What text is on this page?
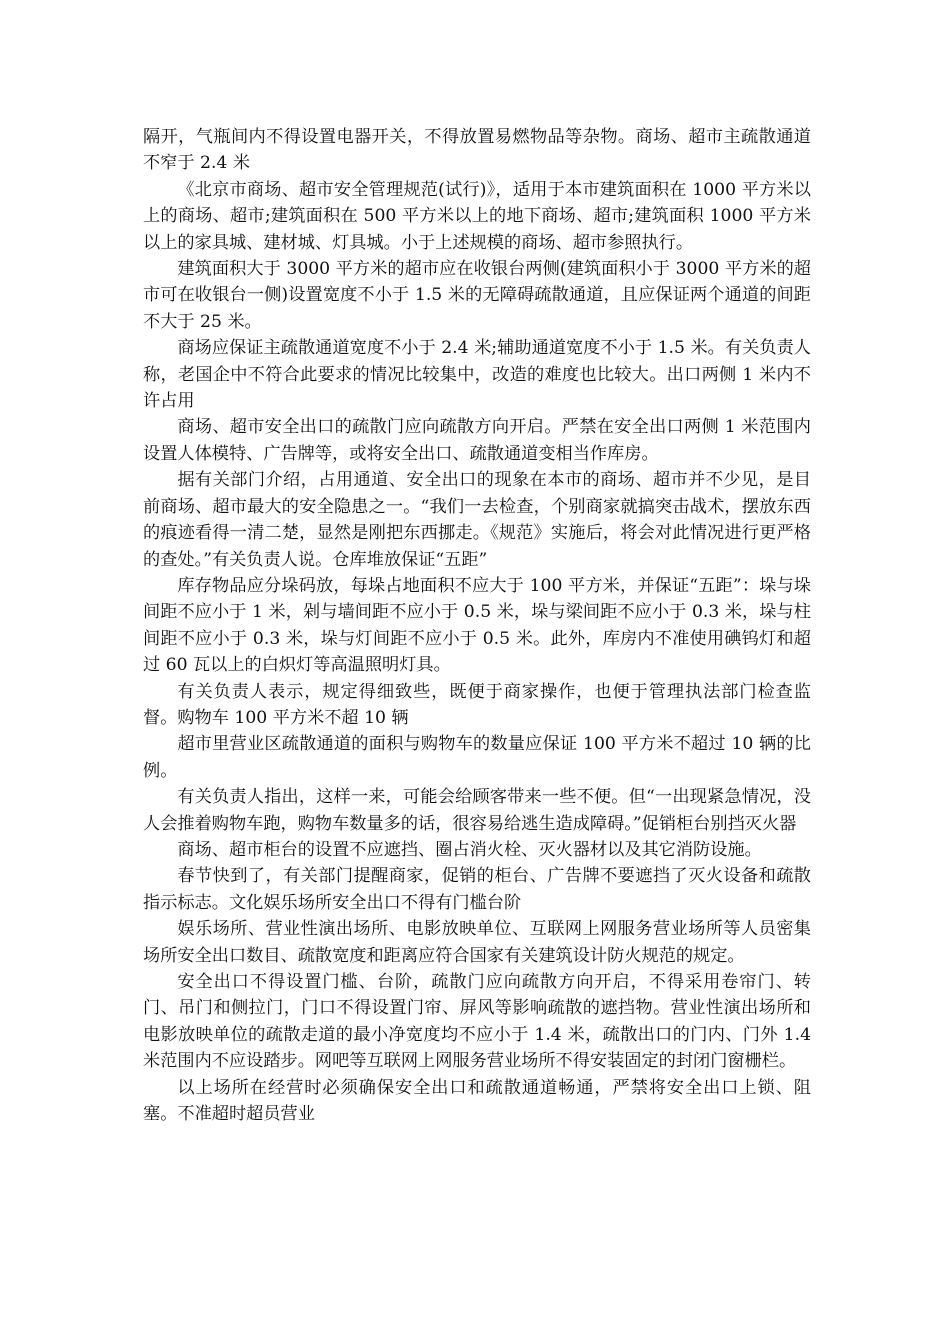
隔开，气瓶间内不得设置电器开关，不得放置易燃物品等杂物。商场、超市主疏散通道不窄于 2.4 米

《北京市商场、超市安全管理规范(试行)》，适用于本市建筑面积在 1000 平方米以上的商场、超市;建筑面积在 500 平方米以上的地下商场、超市;建筑面积 1000 平方米以上的家具城、建材城、灯具城。小于上述规模的商场、超市参照执行。

建筑面积大于 3000 平方米的超市应在收银台两侧(建筑面积小于 3000 平方米的超市可在收银台一侧)设置宽度不小于 1.5 米的无障碍疏散通道，且应保证两个通道的间距不大于 25 米。

商场应保证主疏散通道宽度不小于 2.4 米;辅助通道宽度不小于 1.5 米。有关负责人称，老国企中不符合此要求的情况比较集中，改造的难度也比较大。出口两侧 1 米内不许占用

商场、超市安全出口的疏散门应向疏散方向开启。严禁在安全出口两侧 1 米范围内设置人体模特、广告牌等，或将安全出口、疏散通道变相当作库房。

据有关部门介绍，占用通道、安全出口的现象在本市的商场、超市并不少见，是目前商场、超市最大的安全隐患之一。“我们一去检查，个别商家就搞突击战术，摆放东西的痕迹看得一清二楚，显然是刚把东西挪走。《规范》实施后，将会对此情况进行更严格的查处。”有关负责人说。仓库堆放保证“五距”

库存物品应分垛码放，每垛占地面积不应大于 100 平方米，并保证“五距”：垛与垛间距不应小于 1 米，剁与墙间距不应小于 0.5 米，垛与梁间距不应小于 0.3 米，垛与柱间距不应小于 0.3 米，垛与灯间距不应小于 0.5 米。此外，库房内不准使用碘钨灯和超过 60 瓦以上的白炽灯等高温照明灯具。

有关负责人表示，规定得细致些，既便于商家操作，也便于管理执法部门检查监督。购物车 100 平方米不超 10 辆

超市里营业区疏散通道的面积与购物车的数量应保证 100 平方米不超过 10 辆的比例。

有关负责人指出，这样一来，可能会给顾客带来一些不便。但“一出现紧急情况，没人会推着购物车跑，购物车数量多的话，很容易给逃生造成障碍。”促销柜台别挡灭火器

商场、超市柜台的设置不应遮挡、圈占消火栓、灭火器材以及其它消防设施。

春节快到了，有关部门提醒商家，促销的柜台、广告牌不要遮挡了灭火设备和疏散指示标志。文化娱乐场所安全出口不得有门槛台阶

娱乐场所、营业性演出场所、电影放映单位、互联网上网服务营业场所等人员密集场所安全出口数目、疏散宽度和距离应符合国家有关建筑设计防火规范的规定。

安全出口不得设置门槛、台阶，疏散门应向疏散方向开启，不得采用卷帘门、转门、吊门和侧拉门，门口不得设置门帘、屏风等影响疏散的遮挡物。营业性演出场所和电影放映单位的疏散走道的最小净宽度均不应小于 1.4 米，疏散出口的门内、门外 1.4 米范围内不应设踏步。网吧等互联网上网服务营业场所不得安装固定的封闭门窗栅栏。

以上场所在经营时必须确保安全出口和疏散通道畅通，严禁将安全出口上锁、阻塞。不准超时超员营业
